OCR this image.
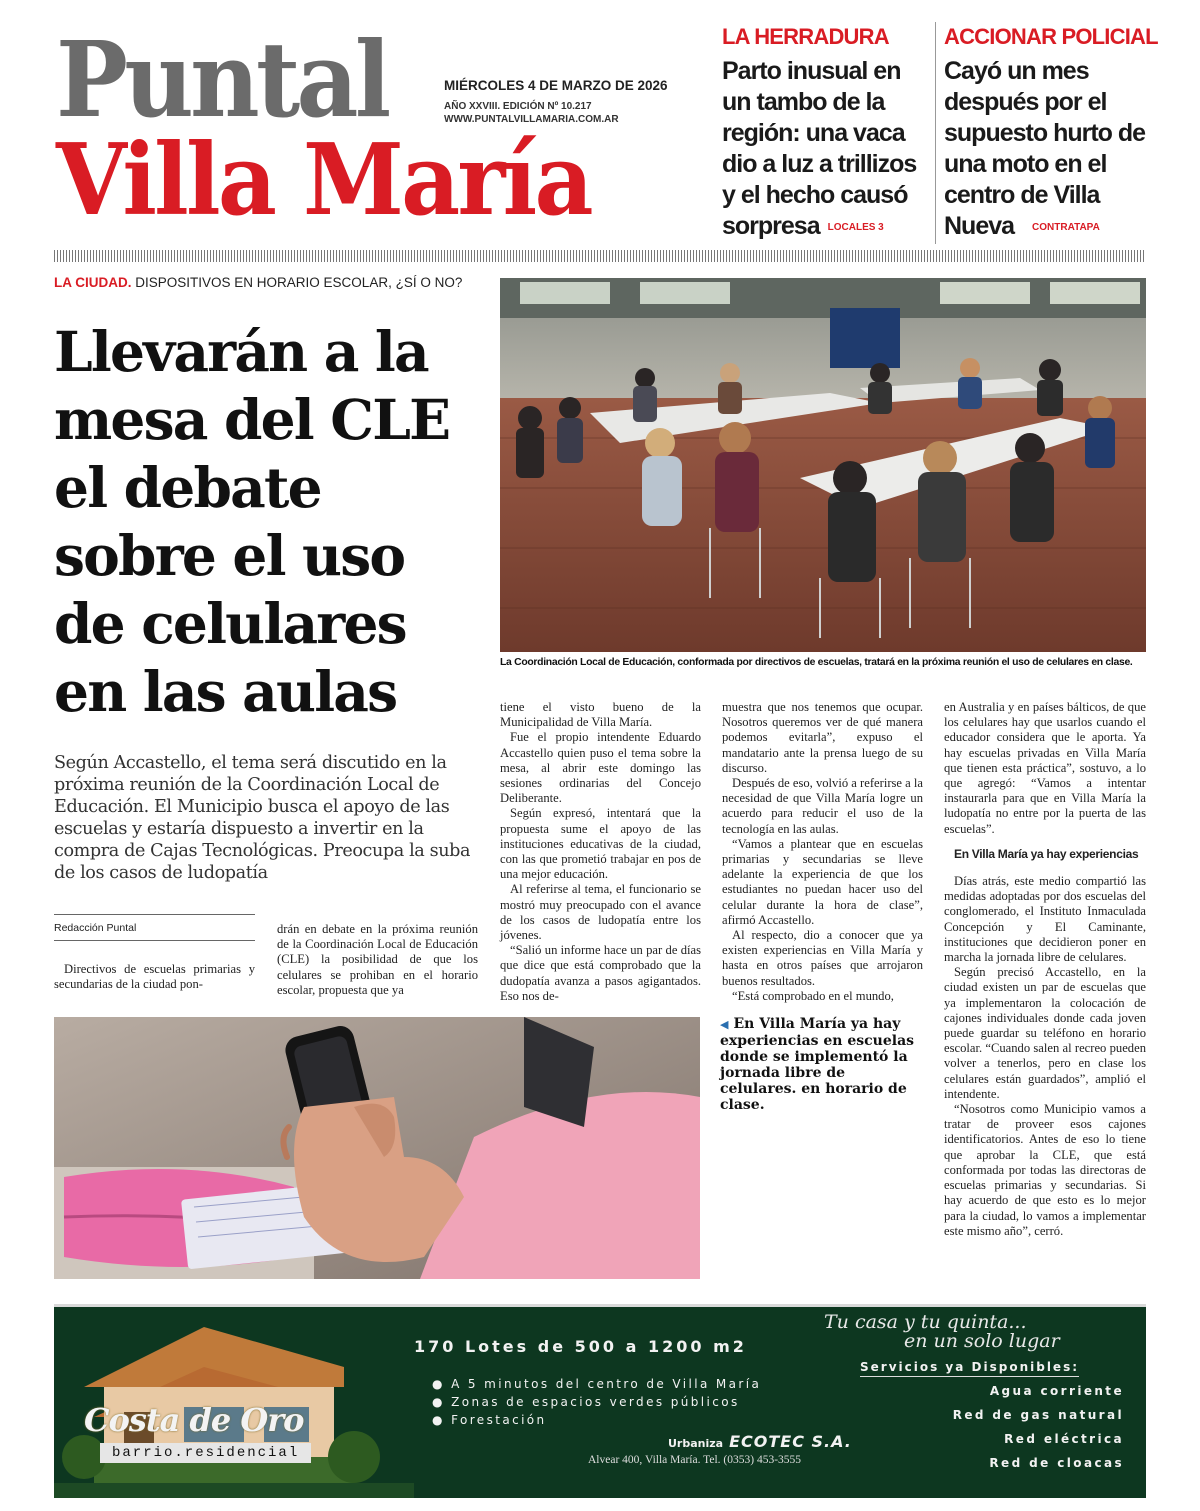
Puntal
Villa María
MIÉRCOLES 4 DE MARZO DE 2026
AÑO XXVIII. EDICIÓN Nº 10.217
WWW.PUNTALVILLAMARIA.COM.AR
LA HERRADURA
Parto inusual en un tambo de la región: una vaca dio a luz a trillizos y el hecho causó sorpresa LOCALES 3
ACCIONAR POLICIAL
Cayó un mes después por el supuesto hurto de una moto en el centro de Villa Nueva CONTRATAPA
LA CIUDAD. DISPOSITIVOS EN HORARIO ESCOLAR, ¿SÍ O NO?
Llevarán a la mesa del CLE el debate sobre el uso de celulares en las aulas
Según Accastello, el tema será discutido en la próxima reunión de la Coordinación Local de Educación. El Municipio busca el apoyo de las escuelas y estaría dispuesto a invertir en la compra de Cajas Tecnológicas. Preocupa la suba de los casos de ludopatía
Redacción Puntal
La Coordinación Local de Educación, conformada por directivos de escuelas, tratará en la próxima reunión el uso de celulares en clase.

Directivos de escuelas primarias y secundarias de la ciudad pon-

drán en debate en la próxima reunión de la Coordinación Local de Educación (CLE) la posibilidad de que los celulares se prohiban en el horario escolar, propuesta que ya

tiene el visto bueno de la Municipalidad de Villa María.

Fue el propio intendente Eduardo Accastello quien puso el tema sobre la mesa, al abrir este domingo las sesiones ordinarias del Concejo Deliberante.

Según expresó, intentará que la propuesta sume el apoyo de las instituciones educativas de la ciudad, con las que prometió trabajar en pos de una mejor educación.

Al referirse al tema, el funcionario se mostró muy preocupado con el avance de los casos de ludopatía entre los jóvenes.

“Salió un informe hace un par de días que dice que está comprobado que la dudopatía avanza a pasos agigantados. Eso nos de-

muestra que nos tenemos que ocupar. Nosotros queremos ver de qué manera podemos evitarla”, expuso el mandatario ante la prensa luego de su discurso.

Después de eso, volvió a referirse a la necesidad de que Villa María logre un acuerdo para reducir el uso de la tecnología en las aulas.

“Vamos a plantear que en escuelas primarias y secundarias se lleve adelante la experiencia de que los estudiantes no puedan hacer uso del celular durante la hora de clase”, afirmó Accastello.

Al respecto, dio a conocer que ya existen experiencias en Villa María y hasta en otros países que arrojaron buenos resultados.

“Está comprobado en el mundo,

en Australia y en países bálticos, de que los celulares hay que usarlos cuando el educador considera que le aporta. Ya hay escuelas privadas en Villa María que tienen esta práctica”, sostuvo, a lo que agregó: “Vamos a intentar instaurarla para que en Villa María la ludopatía no entre por la puerta de las escuelas”.

En Villa María ya hay experiencias

Días atrás, este medio compartió las medidas adoptadas por dos escuelas del conglomerado, el Instituto Inmaculada Concepción y El Caminante, instituciones que decidieron poner en marcha la jornada libre de celulares.

Según precisó Accastello, en la ciudad existen un par de escuelas que ya implementaron la colocación de cajones individuales donde cada joven puede guardar su teléfono en horario escolar. “Cuando salen al recreo pueden volver a tenerlos, pero en clase los celulares están guardados”, amplió el intendente.

“Nosotros como Municipio vamos a tratar de proveer esos cajones identificatorios. Antes de eso lo tiene que aprobar la CLE, que está conformada por todas las directoras de escuelas primarias y secundarias. Si hay acuerdo de que esto es lo mejor para la ciudad, lo vamos a implementar este mismo año”, cerró.

◀ En Villa María ya hay experiencias en escuelas donde se implementó la jornada libre de celulares. en horario de clase.
Costa de Oro
barrio.residencial
170 Lotes de 500 a 1200 m2
● A 5 minutos del centro de Villa María
● Zonas de espacios verdes públicos
● Forestación
Urbaniza ECOTEC S.A.
Alvear 400, Villa María. Tel. (0353) 453-3555
Tu casa y tu quinta...
en un solo lugar
Servicios ya Disponibles:
Agua corriente
Red de gas natural
Red eléctrica
Red de cloacas
